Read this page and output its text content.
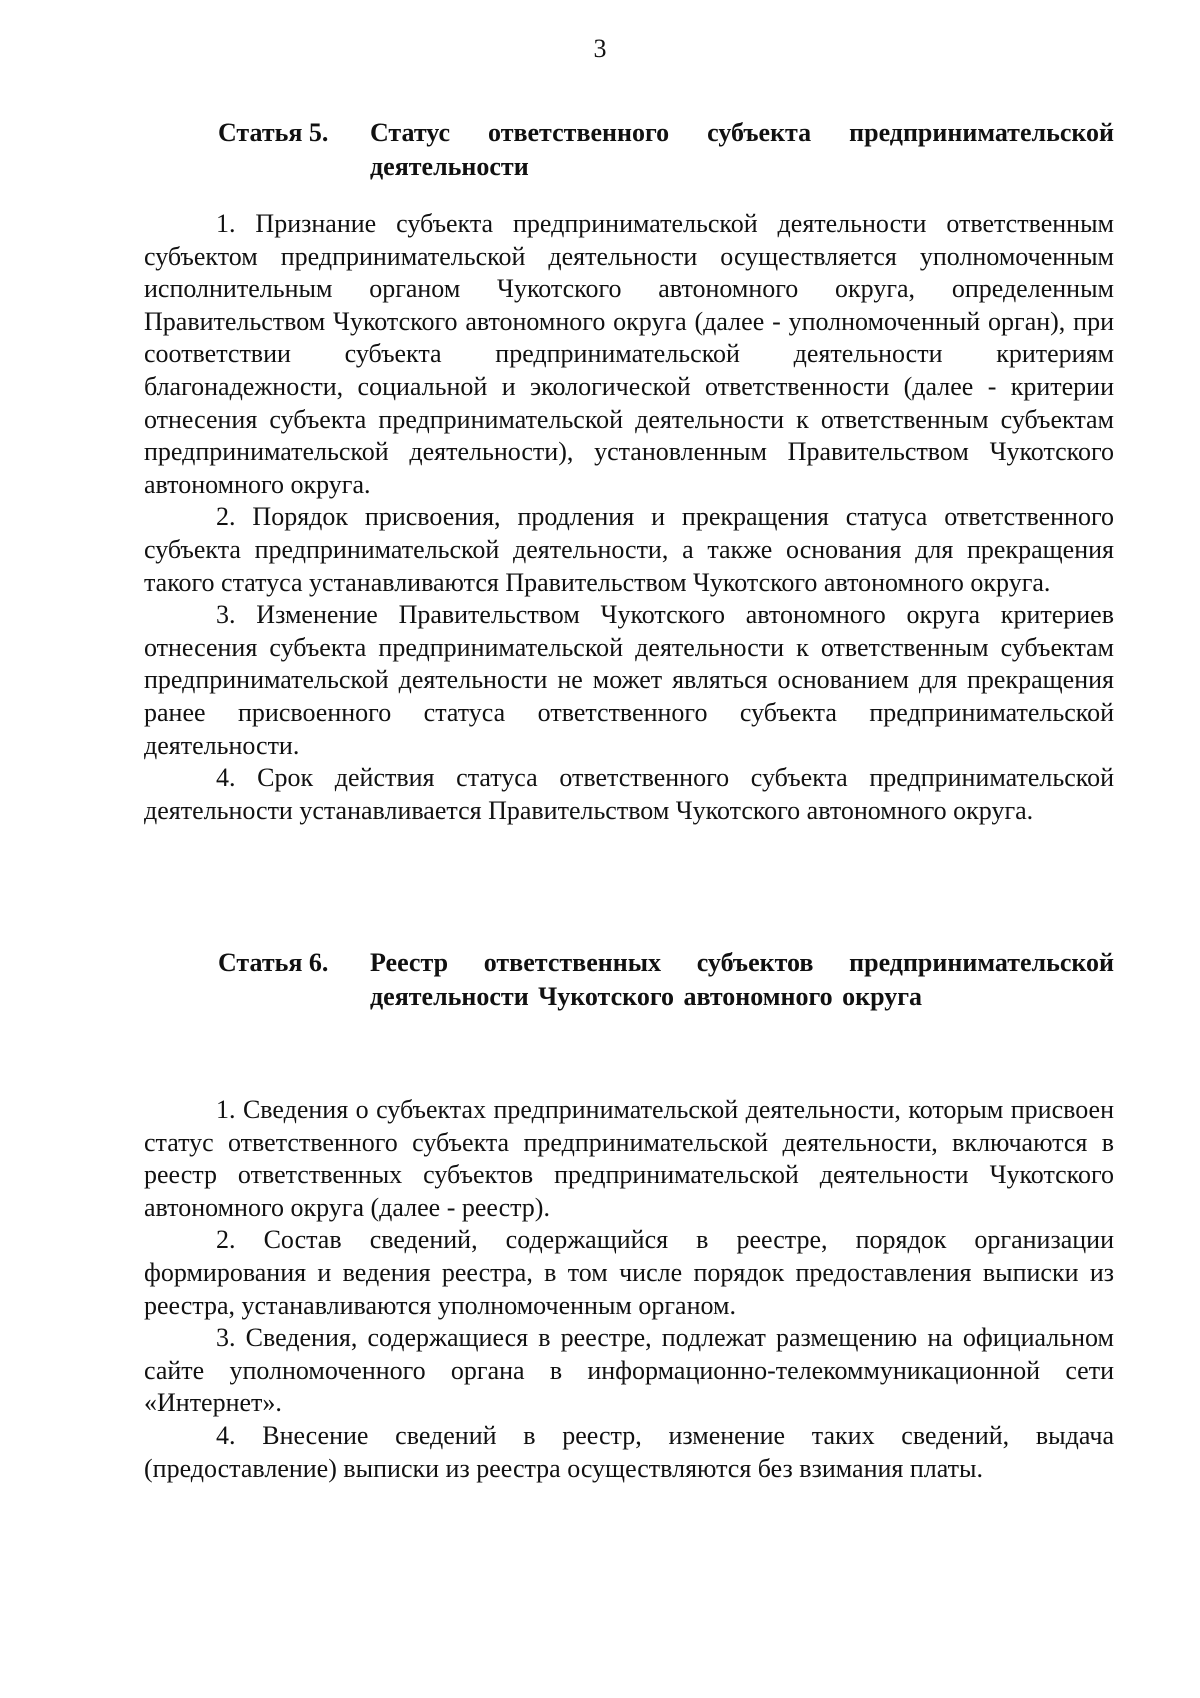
3
Статья 5.	Статус ответственного субъекта предпринимательской деятельности

1. Признание субъекта предпринимательской деятельности ответственным субъектом предпринимательской деятельности осуществляется уполномоченным исполнительным органом Чукотского автономного округа, определенным Правительством Чукотского автономного округа (далее - уполномоченный орган), при соответствии субъекта предпринимательской деятельности критериям благонадежности, социальной и экологической ответственности (далее - критерии отнесения субъекта предпринимательской деятельности к ответственным субъектам предпринимательской деятельности), установленным Правительством Чукотского автономного округа.

2. Порядок присвоения, продления и прекращения статуса ответственного субъекта предпринимательской деятельности, а также основания для прекращения такого статуса устанавливаются Правительством Чукотского автономного округа.

3. Изменение Правительством Чукотского автономного округа критериев отнесения субъекта предпринимательской деятельности к ответственным субъектам предпринимательской деятельности не может являться основанием для прекращения ранее присвоенного статуса ответственного субъекта предпринимательской деятельности.

4. Срок действия статуса ответственного субъекта предпринимательской деятельности устанавливается Правительством Чукотского автономного округа.

Статья 6.	Реестр ответственных субъектов предпринимательской деятельности Чукотского автономного округа

1. Сведения о субъектах предпринимательской деятельности, которым присвоен статус ответственного субъекта предпринимательской деятельности, включаются в реестр ответственных субъектов предпринимательской деятельности Чукотского автономного округа (далее - реестр).

2. Состав сведений, содержащийся в реестре, порядок организации формирования и ведения реестра, в том числе порядок предоставления выписки из реестра, устанавливаются уполномоченным органом.

3. Сведения, содержащиеся в реестре, подлежат размещению на официальном сайте уполномоченного органа в информационно-телекоммуникационной сети «Интернет».

4. Внесение сведений в реестр, изменение таких сведений, выдача (предоставление) выписки из реестра осуществляются без взимания платы.
